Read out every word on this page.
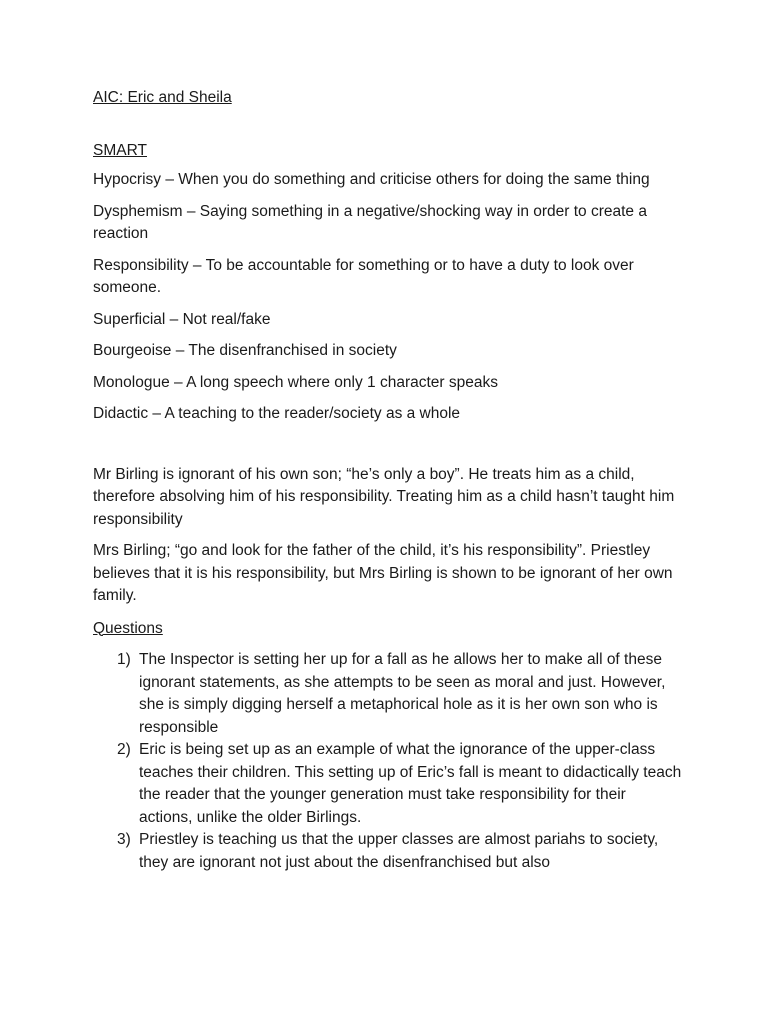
AIC: Eric and Sheila

SMART

Hypocrisy – When you do something and criticise others for doing the same thing

Dysphemism – Saying something in a negative/shocking way in order to create a reaction

Responsibility – To be accountable for something or to have a duty to look over someone.

Superficial – Not real/fake

Bourgeoise – The disenfranchised in society

Monologue – A long speech where only 1 character speaks

Didactic – A teaching to the reader/society as a whole

Mr Birling is ignorant of his own son; “he’s only a boy”. He treats him as a child, therefore absolving him of his responsibility. Treating him as a child hasn’t taught him responsibility

Mrs Birling; “go and look for the father of the child, it’s his responsibility”. Priestley believes that it is his responsibility, but Mrs Birling is shown to be ignorant of her own family.

Questions

1) The Inspector is setting her up for a fall as he allows her to make all of these ignorant statements, as she attempts to be seen as moral and just. However, she is simply digging herself a metaphorical hole as it is her own son who is responsible
2) Eric is being set up as an example of what the ignorance of the upper-class teaches their children. This setting up of Eric’s fall is meant to didactically teach the reader that the younger generation must take responsibility for their actions, unlike the older Birlings.
3) Priestley is teaching us that the upper classes are almost pariahs to society, they are ignorant not just about the disenfranchised but also
